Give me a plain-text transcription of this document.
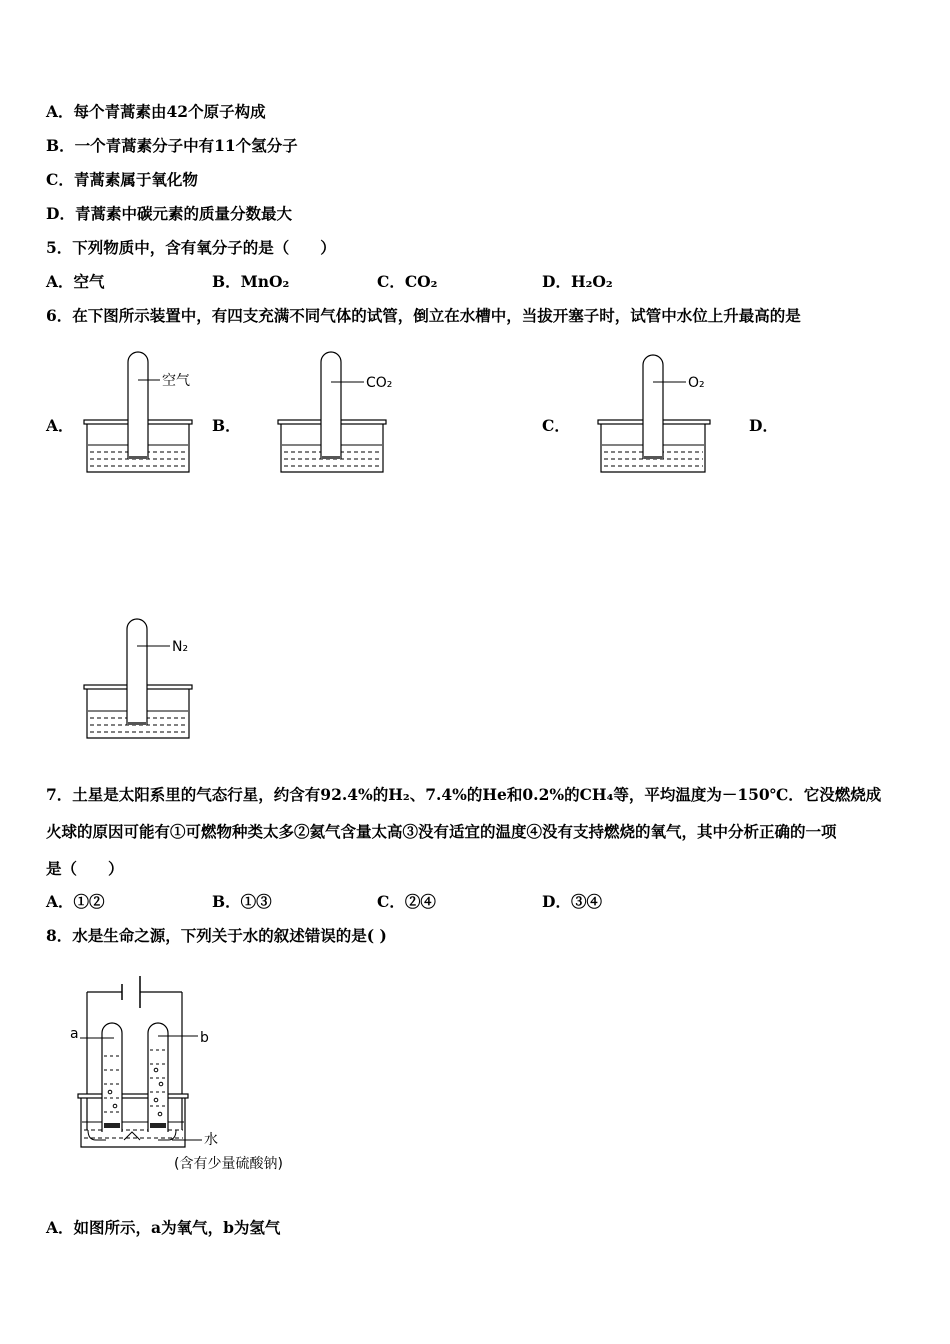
A．每个青蒿素由42个原子构成
B．一个青蒿素分子中有11个氢分子
C．青蒿素属于氧化物
D．青蒿素中碳元素的质量分数最大
5．下列物质中，含有氧分子的是（　　）
A．空气	B．MnO₂	C．CO₂	D．H₂O₂
6．在下图所示装置中，有四支充满不同气体的试管，倒立在水槽中，当拔开塞子时，试管中水位上升最高的是
A．	B．	C．	D．
空气	CO₂	O₂
N₂
7．土星是太阳系里的气态行星，约含有92.4%的H₂、7.4%的He和0.2%的CH₄等，平均温度为－150℃．它没燃烧成
火球的原因可能有①可燃物种类太多②氦气含量太高③没有适宜的温度④没有支持燃烧的氧气，其中分析正确的一项
是（　　）
A．①②	B．①③	C．②④	D．③④
8．水是生命之源，下列关于水的叙述错误的是( )
a	b
水
(含有少量硫酸钠)
A．如图所示，a为氧气，b为氢气
